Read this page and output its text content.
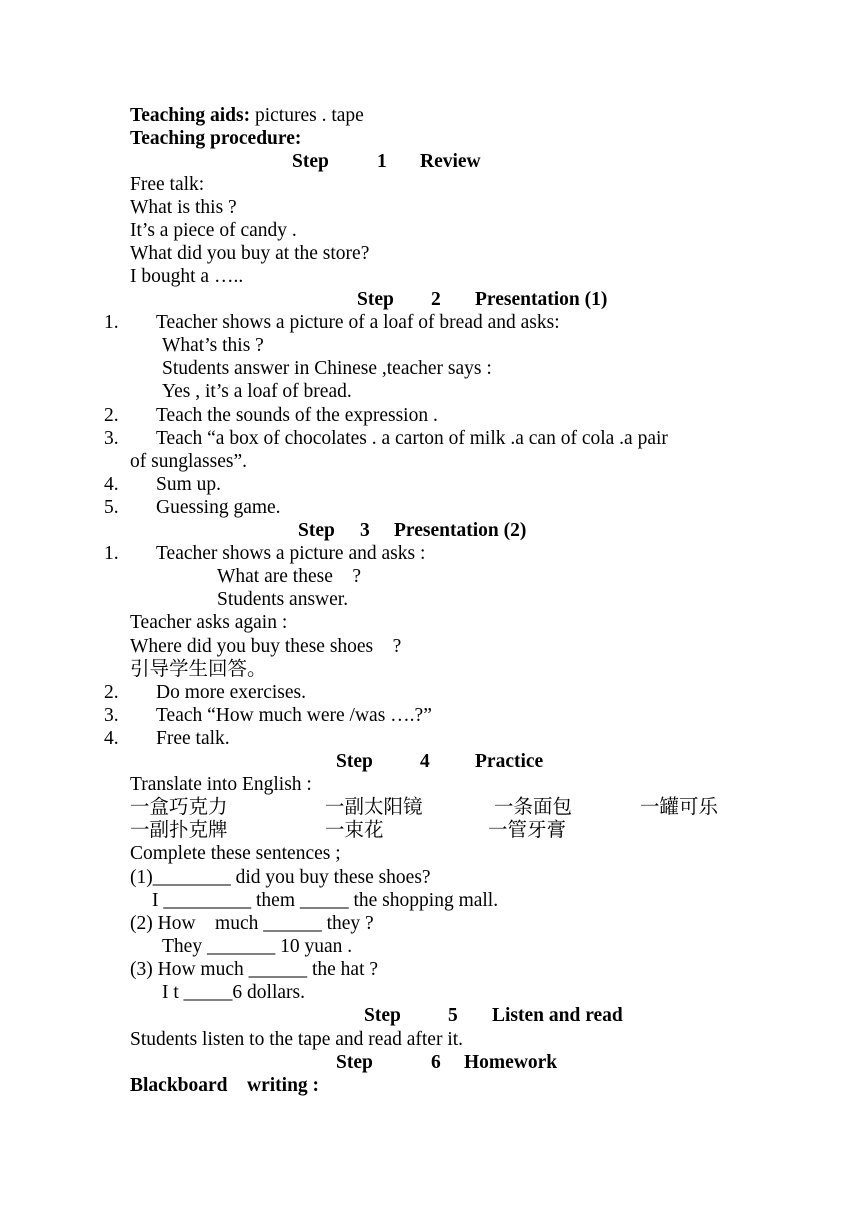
Teaching aids: pictures . tape
Teaching procedure:
Step 1 Review
Free talk:
What is this ?
It’s a piece of candy .
What did you buy at the store?
I bought a …..
Step 2 Presentation (1)
1. Teacher shows a picture of a loaf of bread and asks:
What’s this ?
Students answer in Chinese ,teacher says :
Yes , it’s a loaf of bread.
2. Teach the sounds of the expression .
3. Teach “a box of chocolates . a carton of milk .a can of cola .a pair
of sunglasses”.
4. Sum up.
5. Guessing game.
Step 3 Presentation (2)
1. Teacher shows a picture and asks :
What are these    ?
Students answer.
Teacher asks again :
Where did you buy these shoes    ?
引导学生回答。
2. Do more exercises.
3. Teach “How much were /was ….?”
4. Free talk.
Step 4 Practice
Translate into English :
一盒巧克力	一副太阳镜	一条面包	一罐可乐
一副扑克牌	一束花	一管牙膏
Complete these sentences ;
(1)________ did you buy these shoes?
I _________ them _____ the shopping mall.
(2) How    much ______ they ?
They _______ 10 yuan .
(3) How much ______ the hat ?
I t _____6 dollars.
Step 5 Listen and read
Students listen to the tape and read after it.
Step	6 Homework
Blackboard    writing :
